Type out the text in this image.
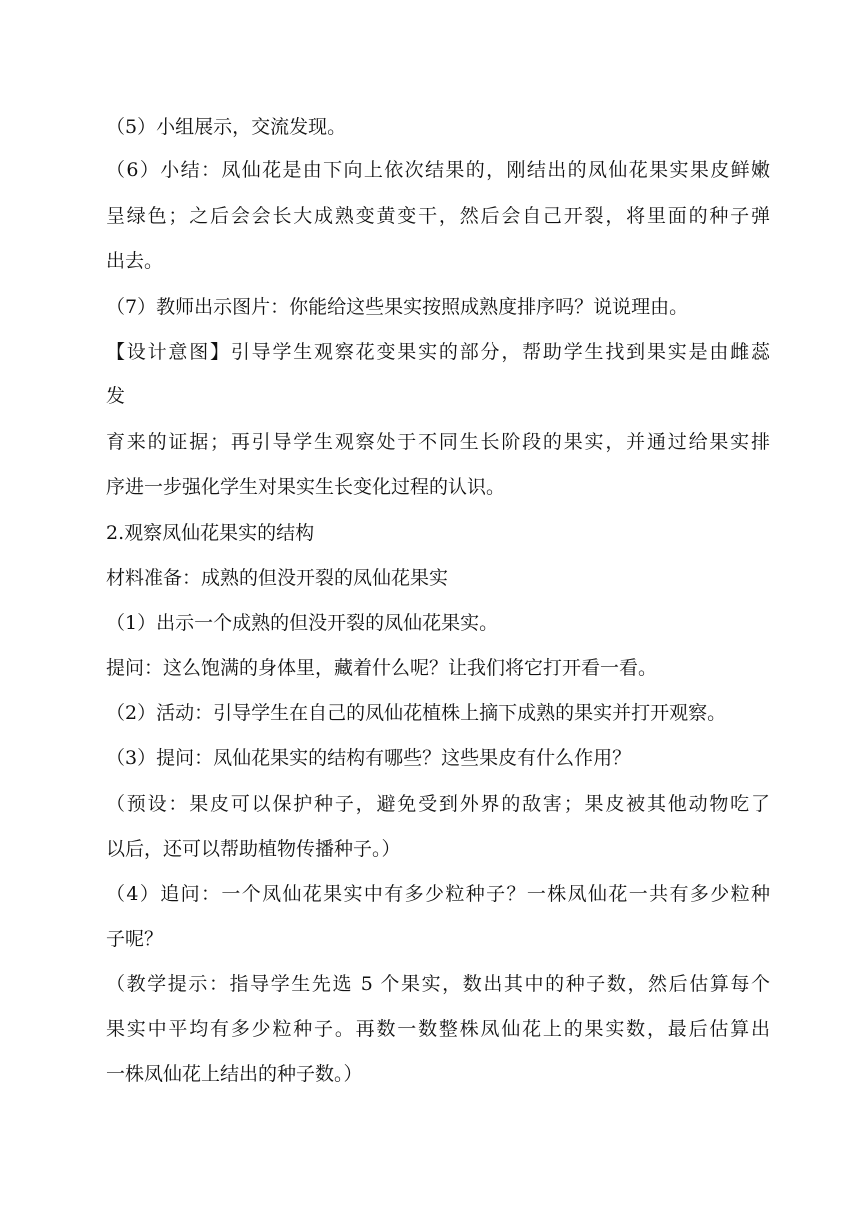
（5）小组展示，交流发现。
（6）小结：凤仙花是由下向上依次结果的，刚结出的凤仙花果实果皮鲜嫩
呈绿色；之后会会长大成熟变黄变干，然后会自己开裂，将里面的种子弹
出去。
（7）教师出示图片：你能给这些果实按照成熟度排序吗？说说理由。
【设计意图】引导学生观察花变果实的部分，帮助学生找到果实是由雌蕊
发
育来的证据；再引导学生观察处于不同生长阶段的果实，并通过给果实排
序进一步强化学生对果实生长变化过程的认识。
2.观察凤仙花果实的结构
材料准备：成熟的但没开裂的凤仙花果实
（1）出示一个成熟的但没开裂的凤仙花果实。
提问：这么饱满的身体里，藏着什么呢？让我们将它打开看一看。
（2）活动：引导学生在自己的凤仙花植株上摘下成熟的果实并打开观察。
（3）提问：凤仙花果实的结构有哪些？这些果皮有什么作用？
（预设：果皮可以保护种子，避免受到外界的敌害；果皮被其他动物吃了
以后，还可以帮助植物传播种子。）
（4）追问：一个凤仙花果实中有多少粒种子？一株凤仙花一共有多少粒种
子呢？
（教学提示：指导学生先选 5 个果实，数出其中的种子数，然后估算每个
果实中平均有多少粒种子。再数一数整株凤仙花上的果实数，最后估算出
一株凤仙花上结出的种子数。）
